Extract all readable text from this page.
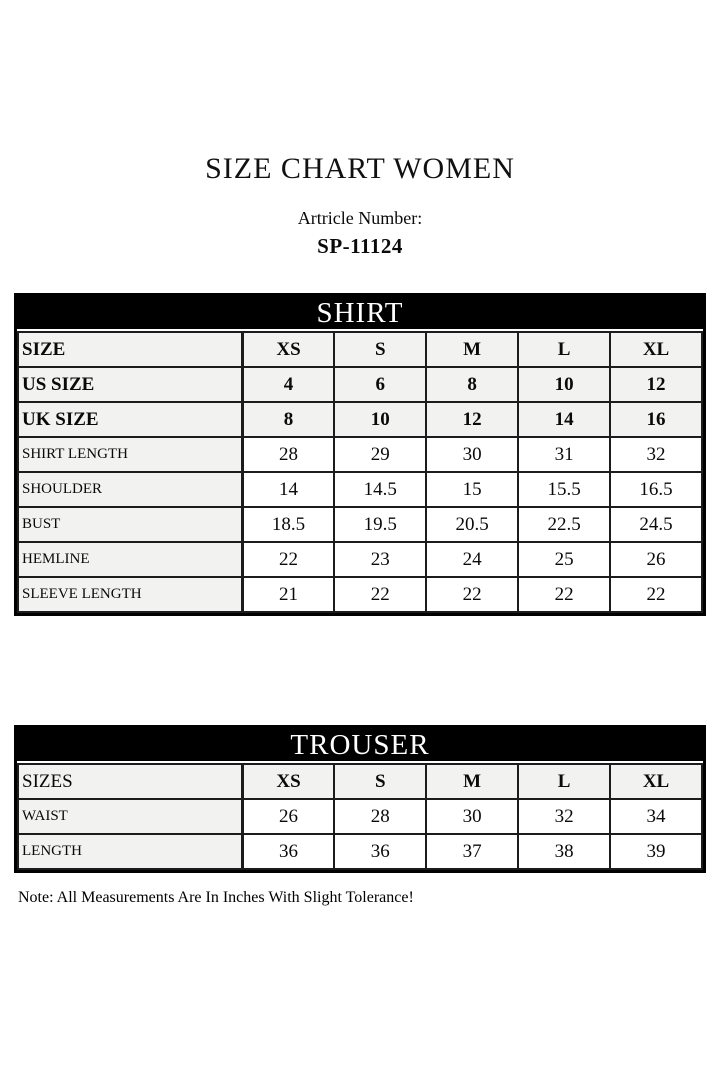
SIZE CHART WOMEN
Artricle Number:
SP-11124
SHIRT
SIZE	XS	S	M	L	XL
US SIZE	4	6	8	10	12
UK SIZE	8	10	12	14	16
SHIRT LENGTH	28	29	30	31	32
SHOULDER	14	14.5	15	15.5	16.5
BUST	18.5	19.5	20.5	22.5	24.5
HEMLINE	22	23	24	25	26
SLEEVE LENGTH	21	22	22	22	22
TROUSER
SIZES	XS	S	M	L	XL
WAIST	26	28	30	32	34
LENGTH	36	36	37	38	39
Note: All Measurements Are In Inches With Slight Tolerance!
